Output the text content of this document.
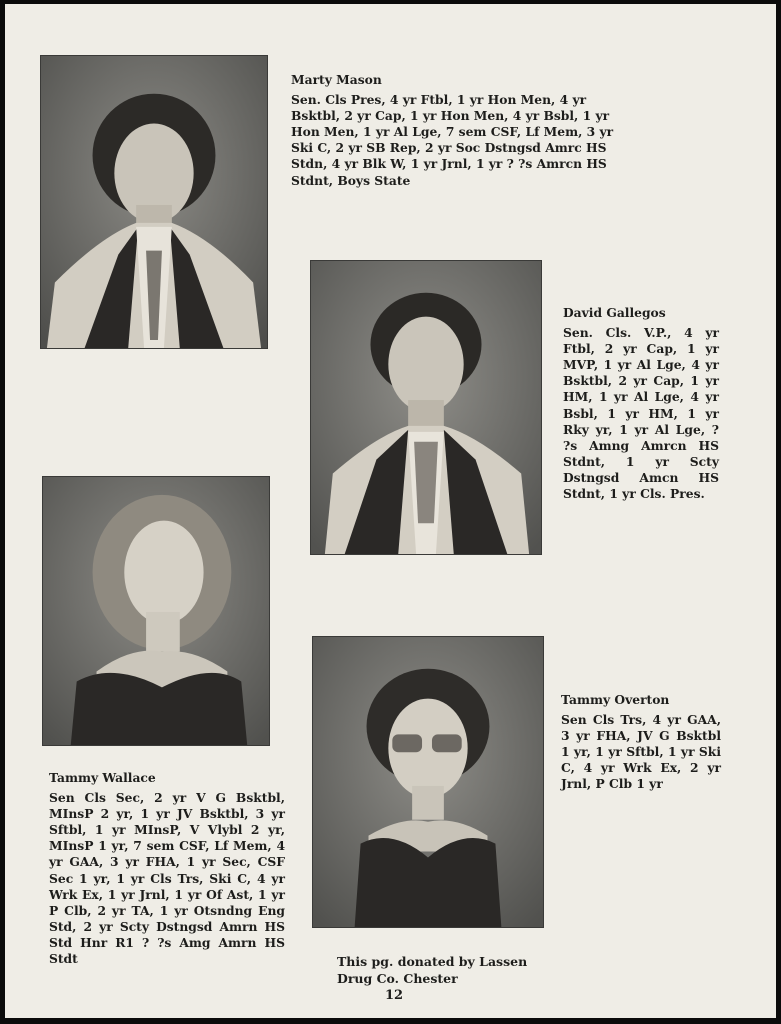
Marty Mason
Sen. Cls Pres, 4 yr Ftbl, 1 yr Hon Men, 4 yr
Bsktbl, 2 yr Cap, 1 yr Hon Men, 4 yr Bsbl, 1 yr
Hon Men, 1 yr Al Lge, 7 sem CSF, Lf Mem, 3 yr
Ski C, 2 yr SB Rep, 2 yr Soc Dstngsd Amrc HS
Stdn, 4 yr Blk W, 1 yr Jrnl, 1 yr ? ?s Amrcn HS
Stdnt, Boys State
David Gallegos
Sen. Cls. V.P., 4 yr
Ftbl, 2 yr Cap, 1 yr
MVP, 1 yr Al Lge, 4 yr
Bsktbl, 2 yr Cap, 1 yr
HM, 1 yr Al Lge, 4 yr
Bsbl, 1 yr HM, 1 yr
Rky yr, 1 yr Al Lge, ?
?s Amng Amrcn HS
Stdnt, 1 yr Scty
Dstngsd Amcn HS
Stdnt, 1 yr Cls. Pres.
Tammy Wallace
Sen Cls Sec, 2 yr V G Bsktbl,
MInsP 2 yr, 1 yr JV Bsktbl, 3 yr
Sftbl, 1 yr MInsP, V Vlybl 2 yr,
MInsP 1 yr, 7 sem CSF, Lf Mem, 4
yr GAA, 3 yr FHA, 1 yr Sec, CSF
Sec 1 yr, 1 yr Cls Trs, Ski C, 4 yr
Wrk Ex, 1 yr Jrnl, 1 yr Of Ast, 1 yr
P Clb, 2 yr TA, 1 yr Otsndng Eng
Std, 2 yr Scty Dstngsd Amrn HS
Std Hnr R1 ? ?s Amg Amrn HS
Stdt
Tammy Overton
Sen Cls Trs, 4 yr GAA,
3 yr FHA, JV G Bsktbl
1 yr, 1 yr Sftbl, 1 yr Ski
C, 4 yr Wrk Ex, 2 yr
Jrnl, P Clb 1 yr
This pg. donated by Lassen
Drug Co. Chester
12
